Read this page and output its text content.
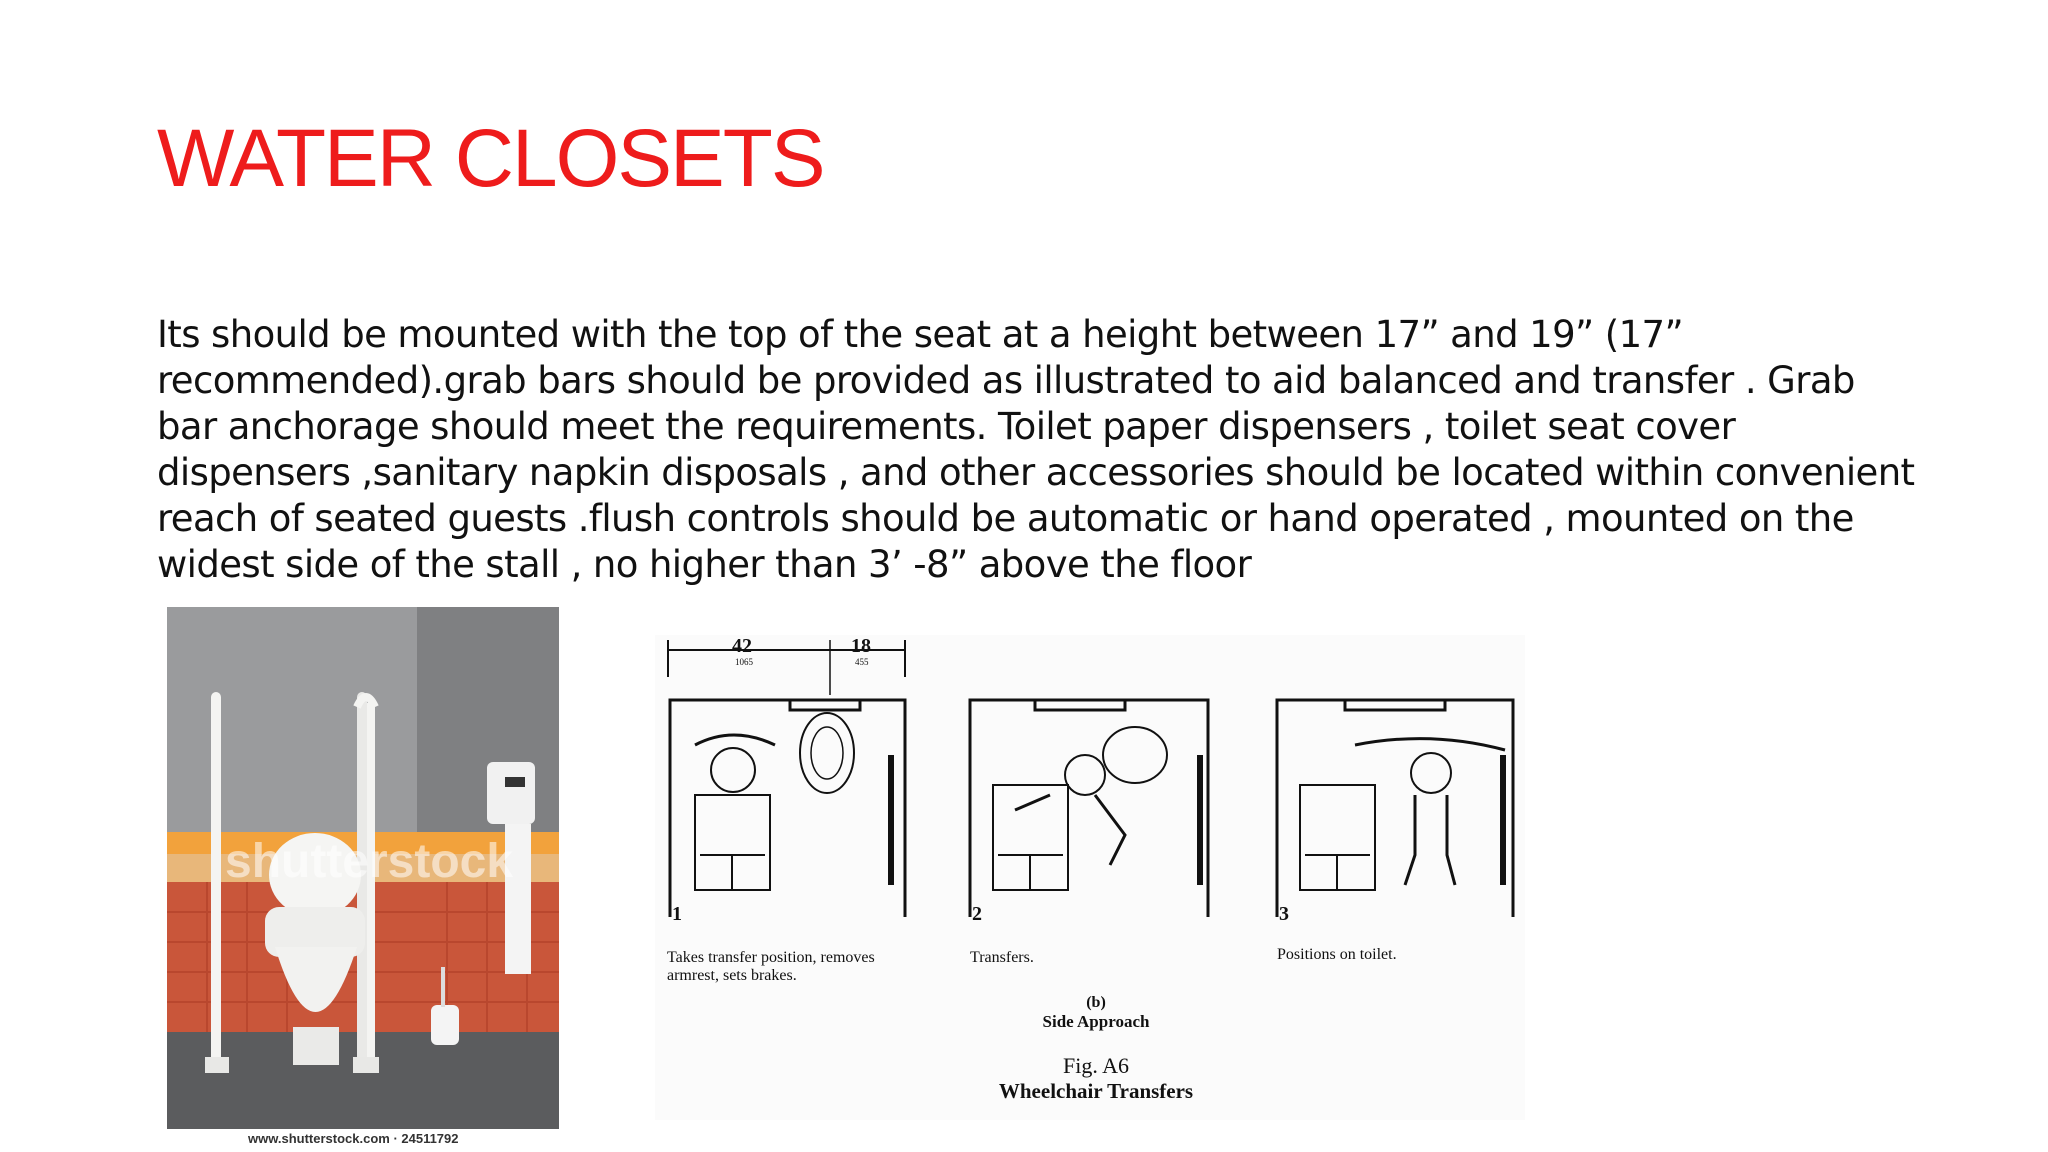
WATER CLOSETS
Its should be mounted with the top of the seat at a height between 17” and 19” (17” recommended).grab bars should be provided as illustrated to aid balanced and transfer . Grab bar anchorage should meet the requirements. Toilet paper dispensers , toilet seat cover dispensers ,sanitary napkin disposals , and other accessories should be located within convenient reach of seated guests .flush controls should be automatic or hand operated , mounted on the widest side of the stall , no higher than 3’ -8” above the floor
shutterstock
www.shutterstock.com · 24511792
42
1065
18
455
1	2	3
Takes transfer position, removes
armrest, sets brakes.
Transfers.	Positions on toilet.
(b)
Side Approach
Fig. A6
Wheelchair Transfers
